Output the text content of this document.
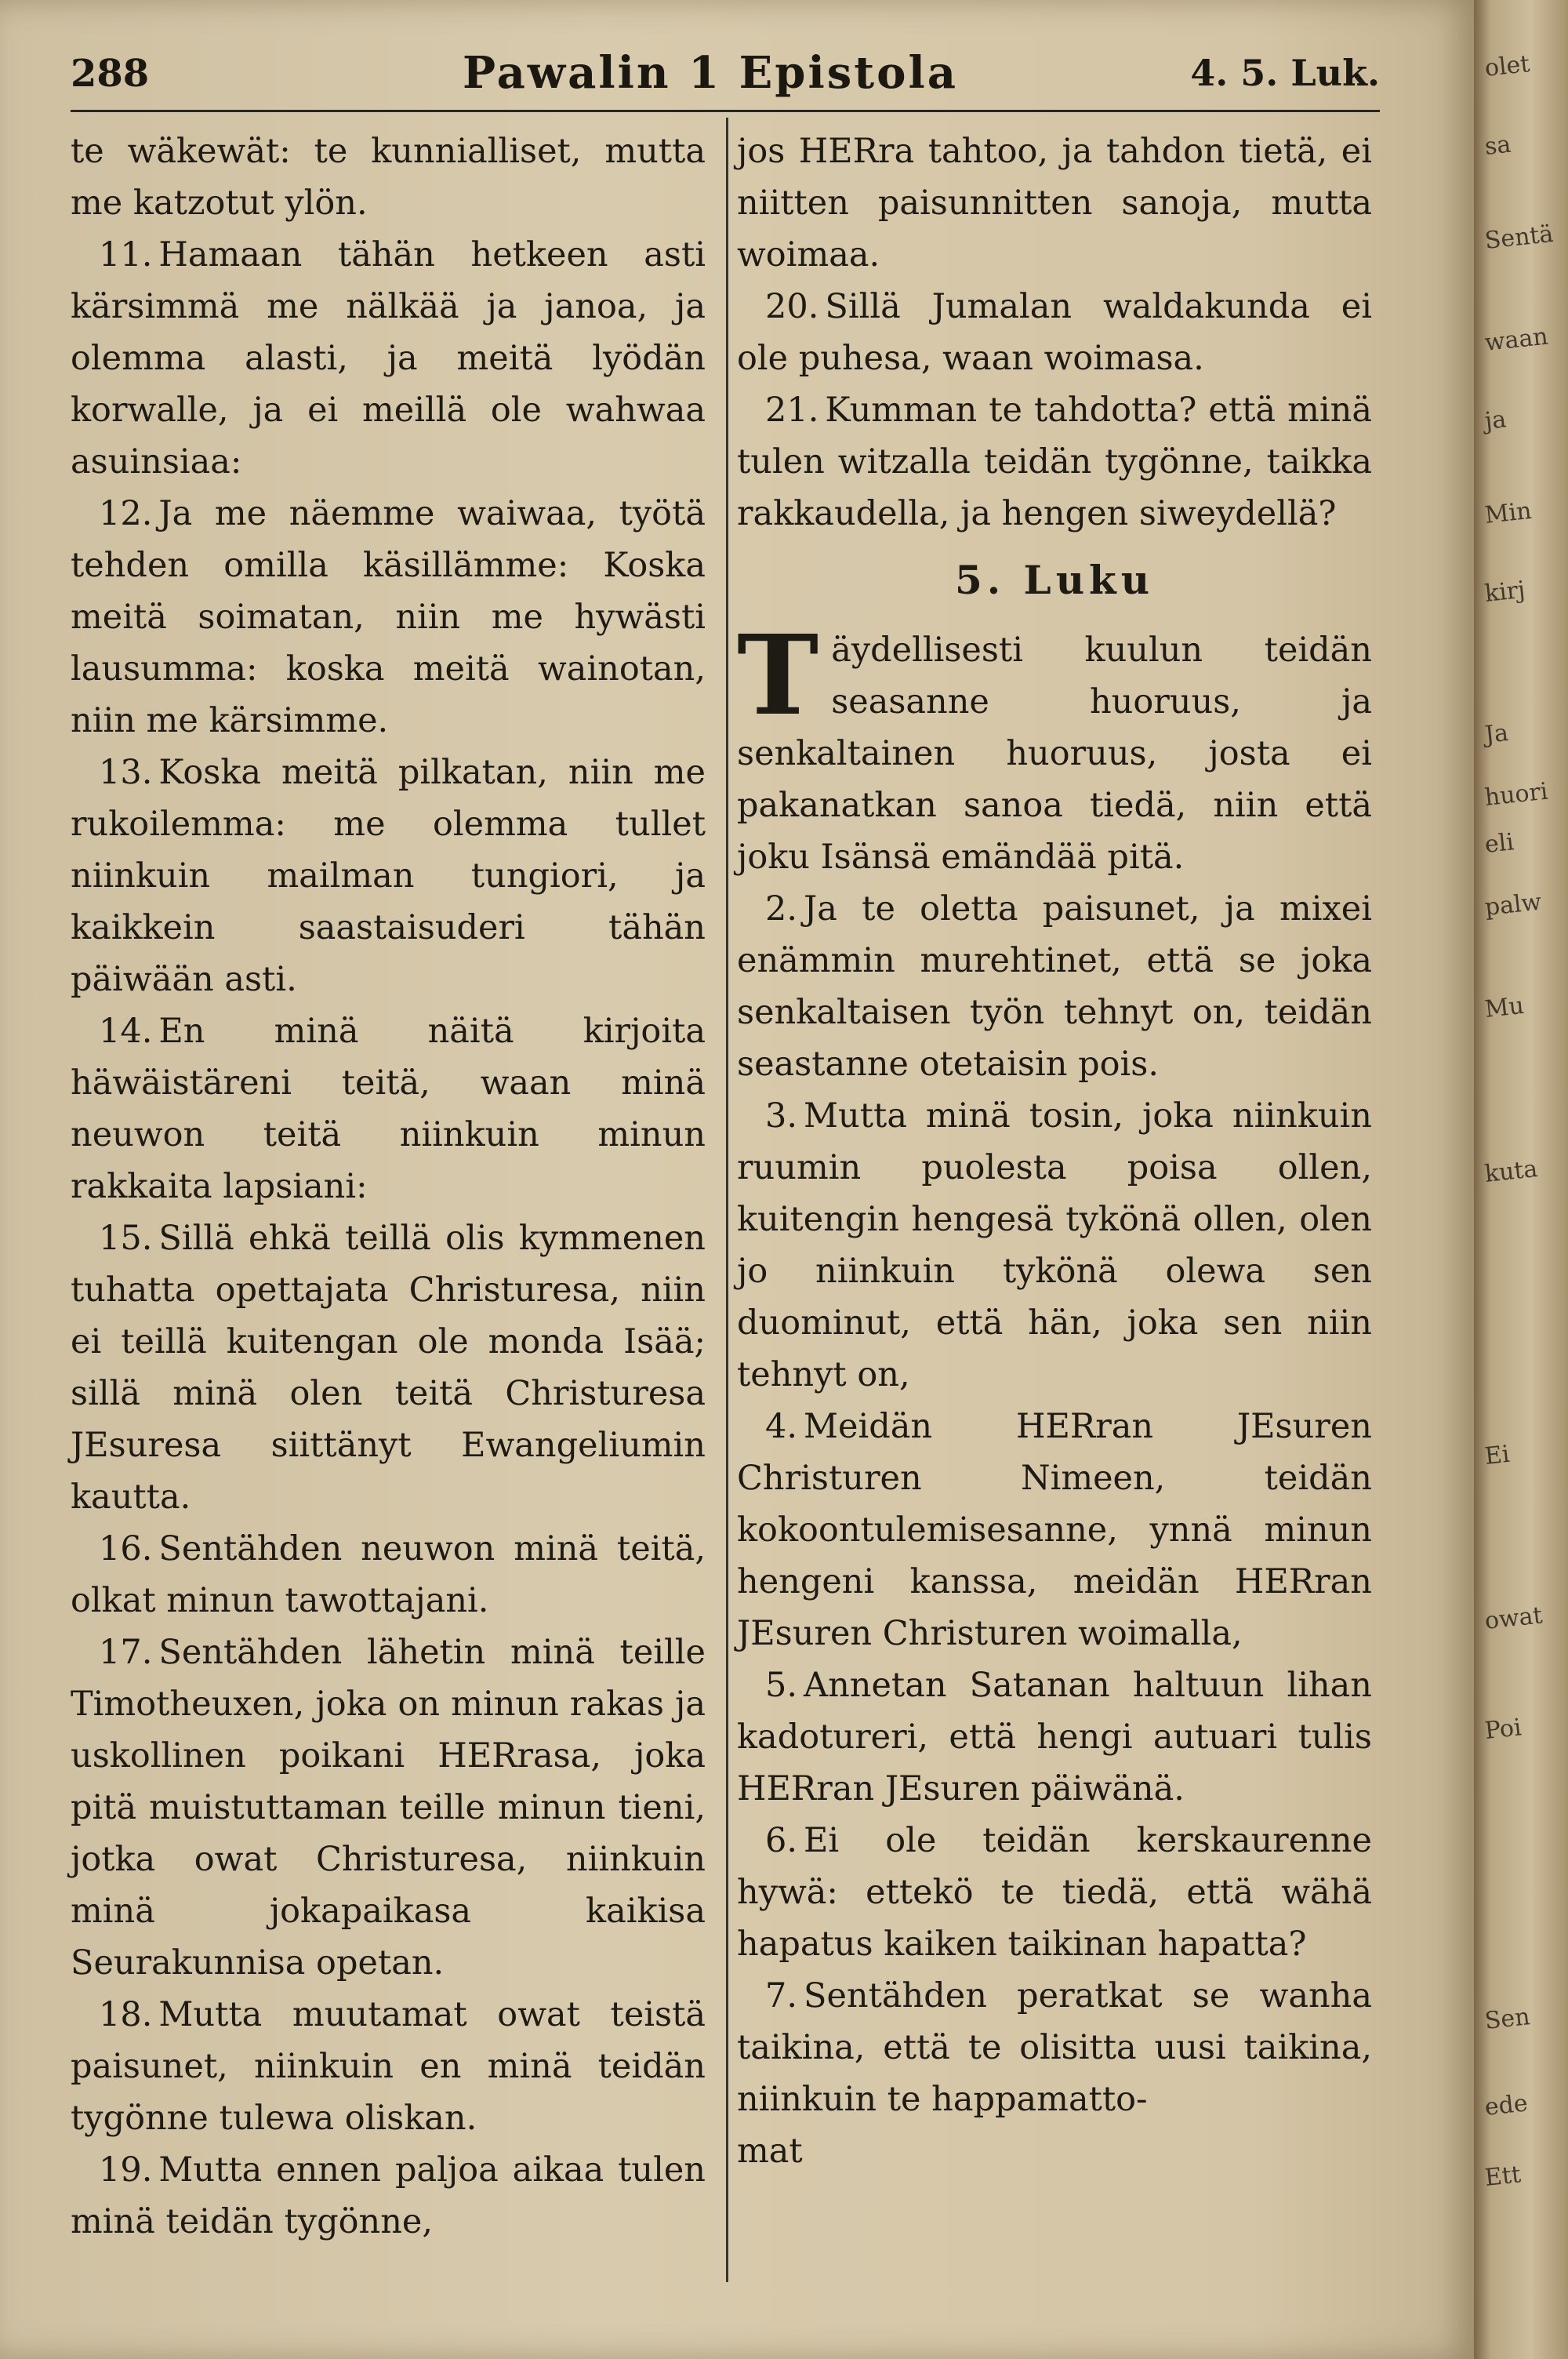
288	Pawalin 1 Epistola	4. 5. Luk.

te wäkewät: te kunnialliset, mutta me katzotut ylön.

11. Hamaan tähän hetkeen asti kärsimmä me nälkää ja janoa, ja olemma alasti, ja meitä lyödän korwalle, ja ei meillä ole wahwaa asuinsiaa:

12. Ja me näemme waiwaa, työtä tehden omilla käsillämme: Koska meitä soimatan, niin me hywästi lausumma: koska meitä wainotan, niin me kärsimme.

13. Koska meitä pilkatan, niin me rukoilemma: me olemma tullet niinkuin mailman tungiori, ja kaikkein saastaisuderi tähän päiwään asti.

14. En minä näitä kirjoita häwäistäreni teitä, waan minä neuwon teitä niinkuin minun rakkaita lapsiani:

15. Sillä ehkä teillä olis kymmenen tuhatta opettajata Christuresa, niin ei teillä kuitengan ole monda Isää; sillä minä olen teitä Christuresa JEsuresa siittänyt Ewangeliumin kautta.

16. Sentähden neuwon minä teitä, olkat minun tawottajani.

17. Sentähden lähetin minä teille Timotheuxen, joka on minun rakas ja uskollinen poikani HERrasa, joka pitä muistuttaman teille minun tieni, jotka owat Christuresa, niinkuin minä jokapaikasa kaikisa Seurakunnisa opetan.

18. Mutta muutamat owat teistä paisunet, niinkuin en minä teidän tygönne tulewa oliskan.

19. Mutta ennen paljoa aikaa tulen minä teidän tygönne,

jos HERra tahtoo, ja tahdon tietä, ei niitten paisunnitten sanoja, mutta woimaa.

20. Sillä Jumalan waldakunda ei ole puhesa, waan woimasa.

21. Kumman te tahdotta? että minä tulen witzalla teidän tygönne, taikka rakkaudella, ja hengen siweydellä?

5. Luku

Täydellisesti kuulun teidän seasanne huoruus, ja senkaltainen huoruus, josta ei pakanatkan sanoa tiedä, niin että joku Isänsä emändää pitä.

2. Ja te oletta paisunet, ja mixei enämmin murehtinet, että se joka senkaltaisen työn tehnyt on, teidän seastanne otetaisin pois.

3. Mutta minä tosin, joka niinkuin ruumin puolesta poisa ollen, kuitengin hengesä tykönä ollen, olen jo niinkuin tykönä olewa sen duominut, että hän, joka sen niin tehnyt on,

4. Meidän HERran JEsuren Christuren Nimeen, teidän kokoontulemisesanne, ynnä minun hengeni kanssa, meidän HERran JEsuren Christuren woimalla,

5. Annetan Satanan haltuun lihan kadotureri, että hengi autuari tulis HERran JEsuren päiwänä.

6. Ei ole teidän kerskaurenne hywä: ettekö te tiedä, että wähä hapatus kaiken taikinan hapatta?

7. Sentähden peratkat se wanha taikina, että te olisitta uusi taikina, niinkuin te happamatto-

mat

olet
sa
Sentä
waan
ja
Min
kirj
Ja
huori
eli
palw
Mu
kuta
Ei
owat
Poi
Sen
ede
Ett
